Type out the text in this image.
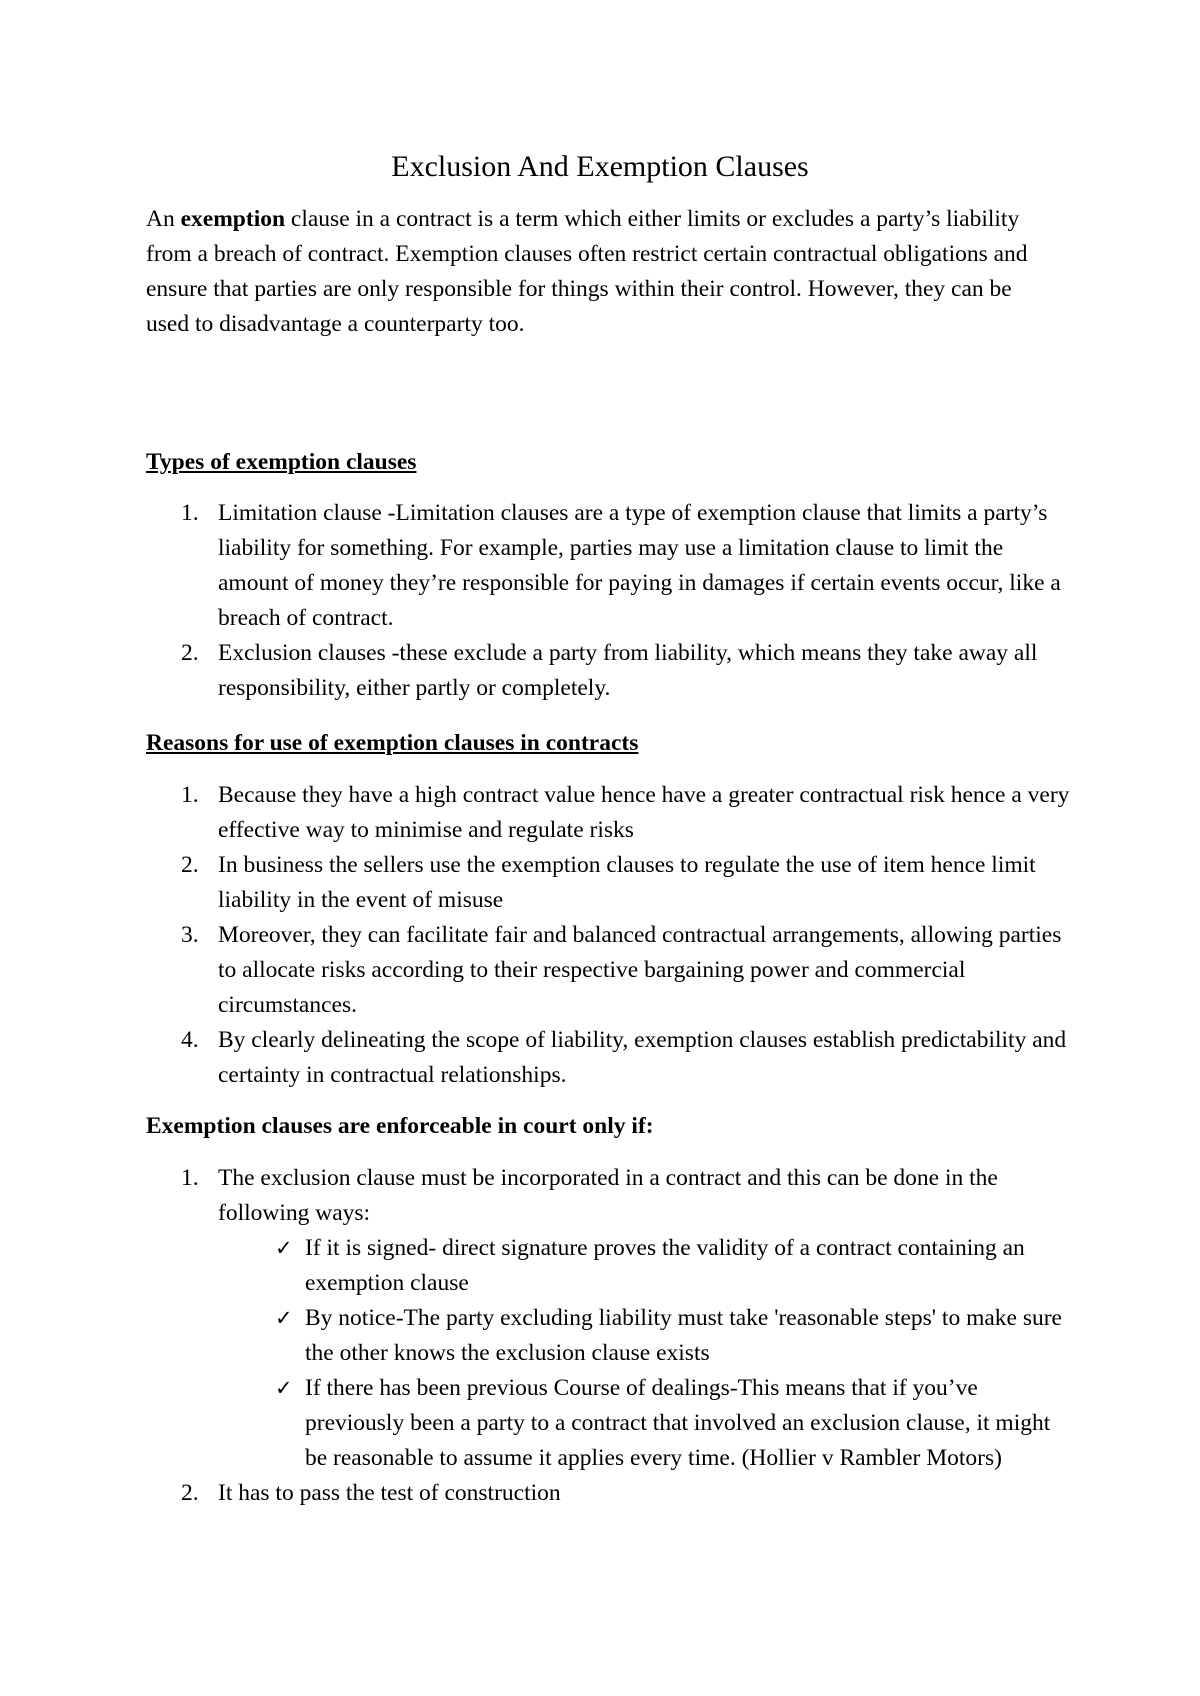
Exclusion And Exemption Clauses

An exemption clause in a contract is a term which either limits or excludes a party’s liability from a breach of contract. Exemption clauses often restrict certain contractual obligations and ensure that parties are only responsible for things within their control. However, they can be used to disadvantage a counterparty too.

Types of exemption clauses
1. Limitation clause -Limitation clauses are a type of exemption clause that limits a party’s liability for something. For example, parties may use a limitation clause to limit the amount of money they’re responsible for paying in damages if certain events occur, like a breach of contract.
2. Exclusion clauses -these exclude a party from liability, which means they take away all responsibility, either partly or completely.
Reasons for use of exemption clauses in contracts
1. Because they have a high contract value hence have a greater contractual risk hence a very effective way to minimise and regulate risks
2. In business the sellers use the exemption clauses to regulate the use of item hence limit liability in the event of misuse
3. Moreover, they can facilitate fair and balanced contractual arrangements, allowing parties to allocate risks according to their respective bargaining power and commercial circumstances.
4. By clearly delineating the scope of liability, exemption clauses establish predictability and certainty in contractual relationships.
Exemption clauses are enforceable in court only if:
1. The exclusion clause must be incorporated in a contract and this can be done in the following ways:
✓ If it is signed- direct signature proves the validity of a contract containing an exemption clause
✓ By notice-The party excluding liability must take 'reasonable steps' to make sure the other knows the exclusion clause exists
✓ If there has been previous Course of dealings-This means that if you’ve previously been a party to a contract that involved an exclusion clause, it might be reasonable to assume it applies every time. (Hollier v Rambler Motors)
2. It has to pass the test of construction
